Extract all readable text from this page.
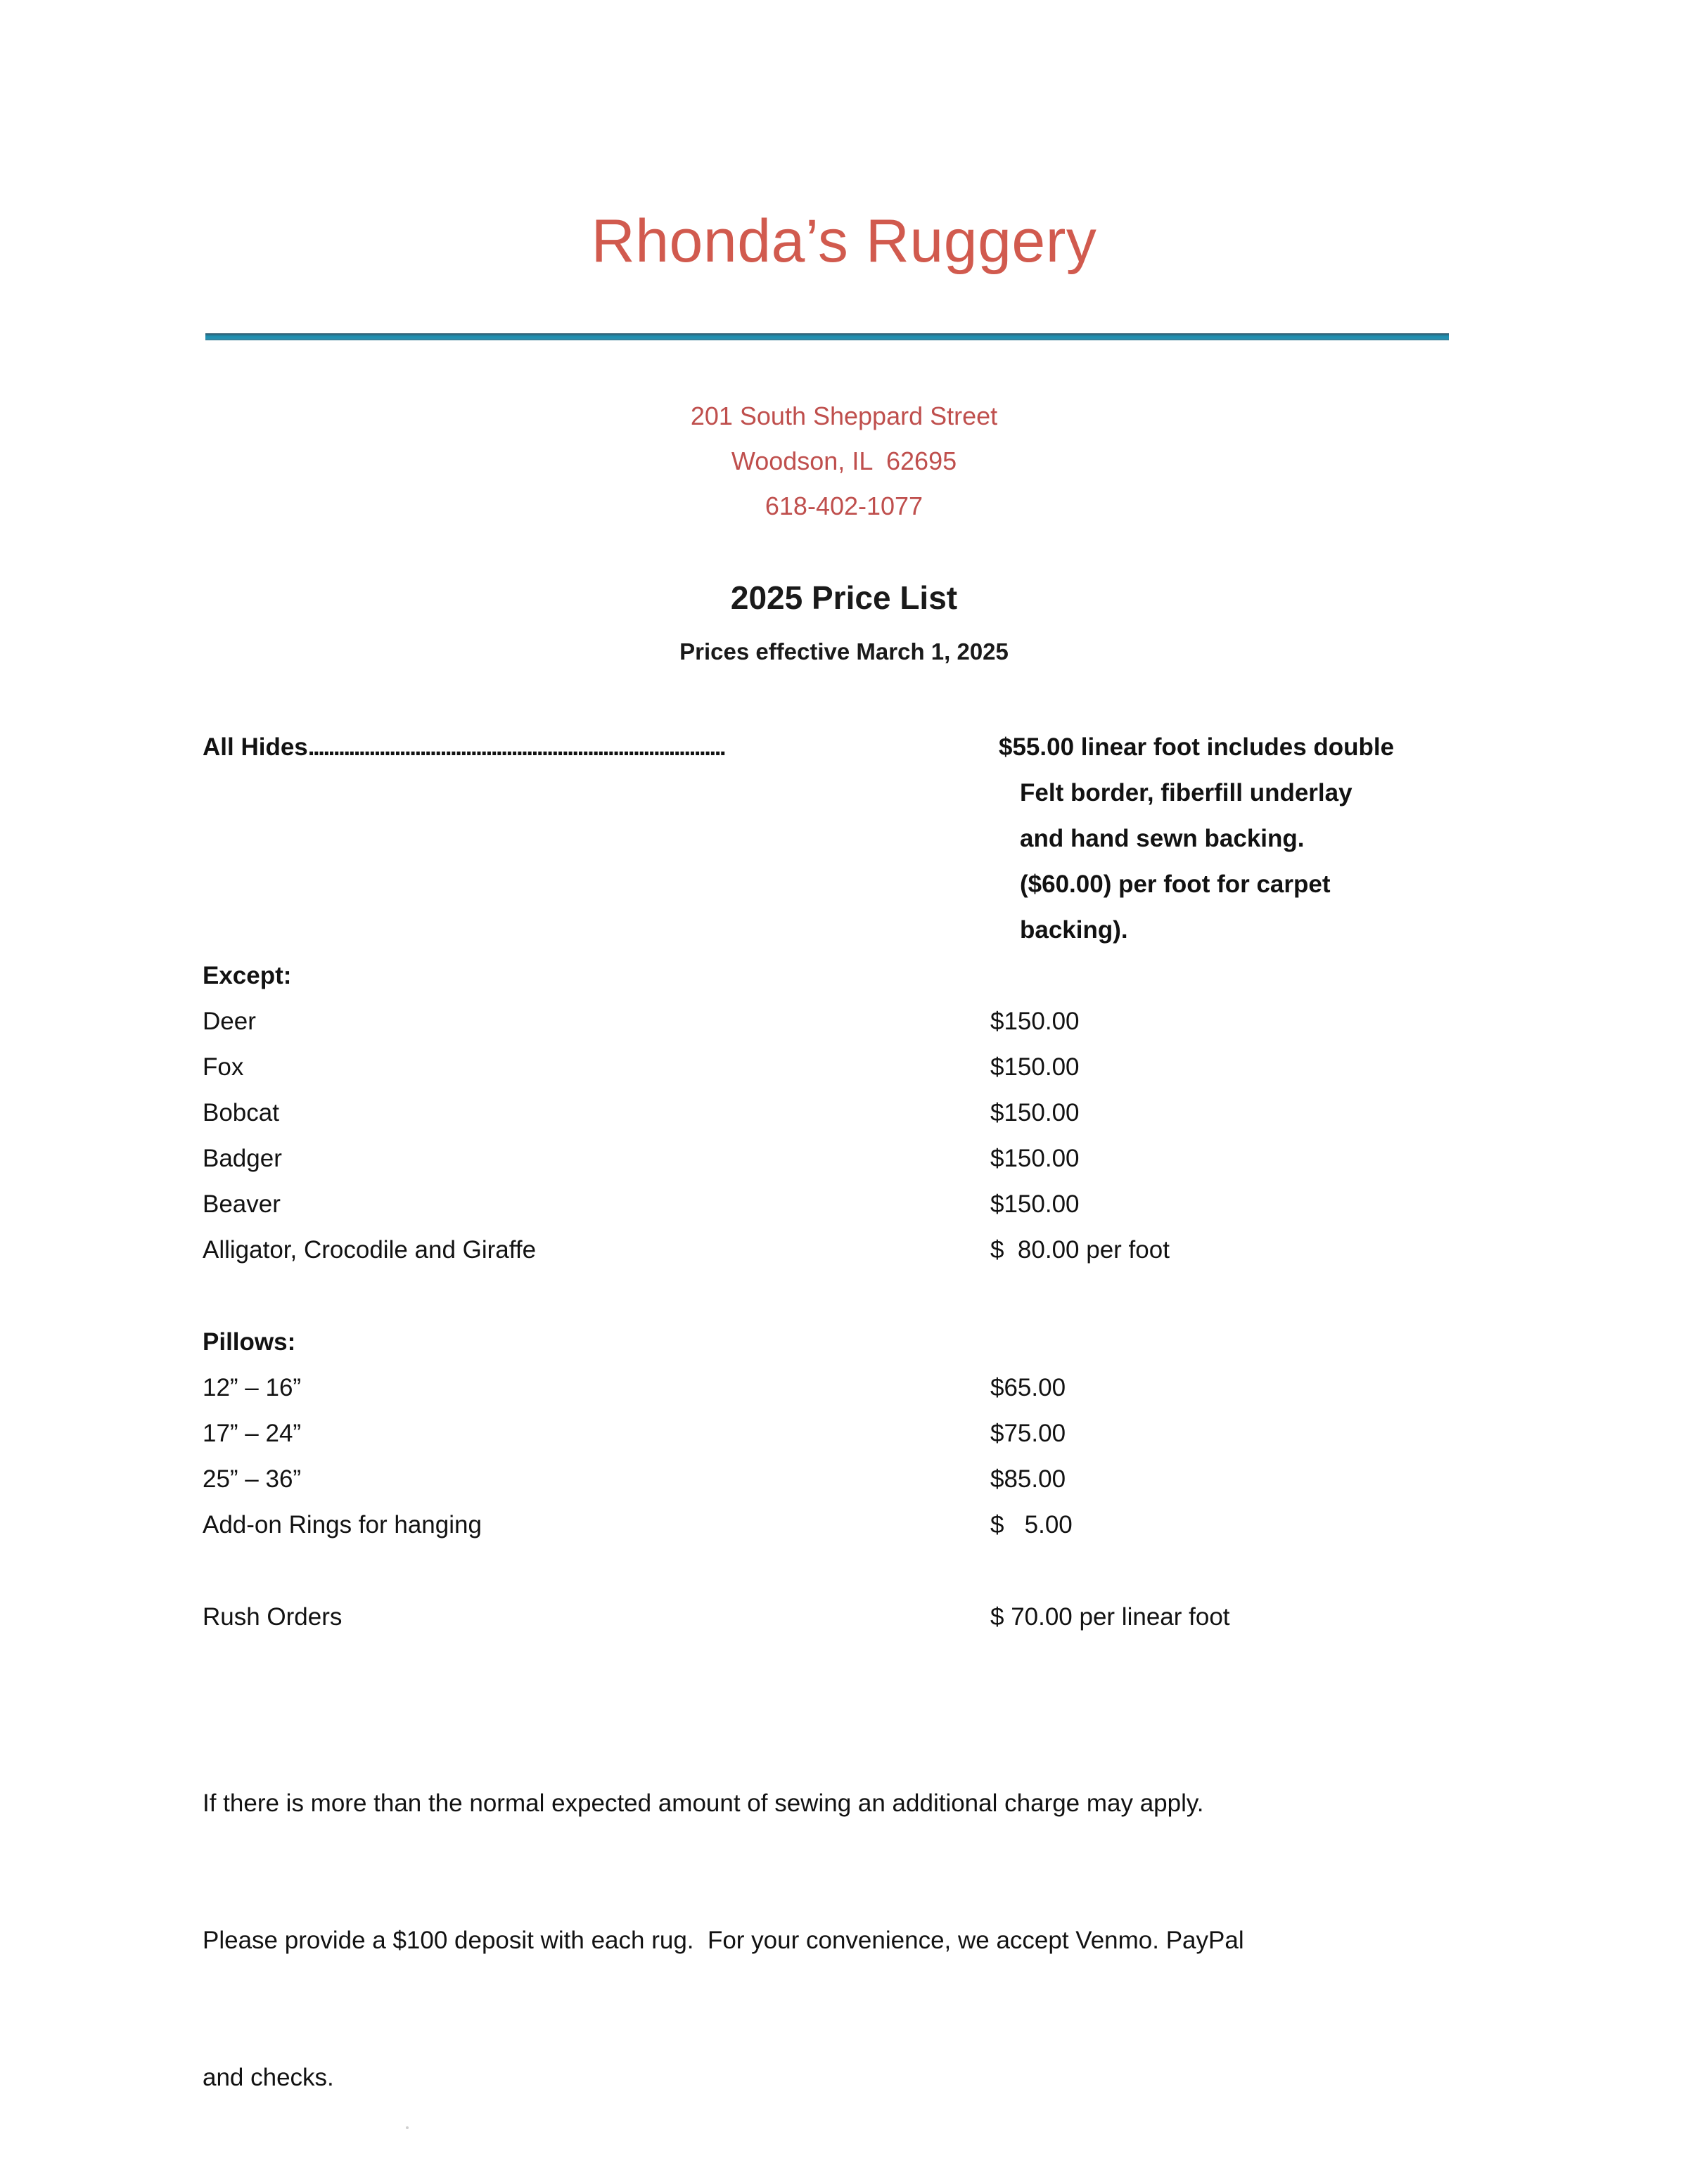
Rhonda’s Ruggery
201 South Sheppard Street
Woodson, IL  62695
618-402-1077
2025 Price List
Prices effective March 1, 2025
All Hides..................................................................................	$55.00 linear foot includes double
Felt border, fiberfill underlay
and hand sewn backing.
($60.00) per foot for carpet
backing).
Except:
Deer	$150.00
Fox	$150.00
Bobcat	$150.00
Badger	$150.00
Beaver	$150.00
Alligator, Crocodile and Giraffe	$  80.00 per foot
Pillows:
12” – 16”	$65.00
17” – 24”	$75.00
25” – 36”	$85.00
Add-on Rings for hanging	$   5.00
Rush Orders	$ 70.00 per linear foot

If there is more than the normal expected amount of sewing an additional charge may apply.

Please provide a $100 deposit with each rug.  For your convenience, we accept Venmo. PayPal

and checks.
